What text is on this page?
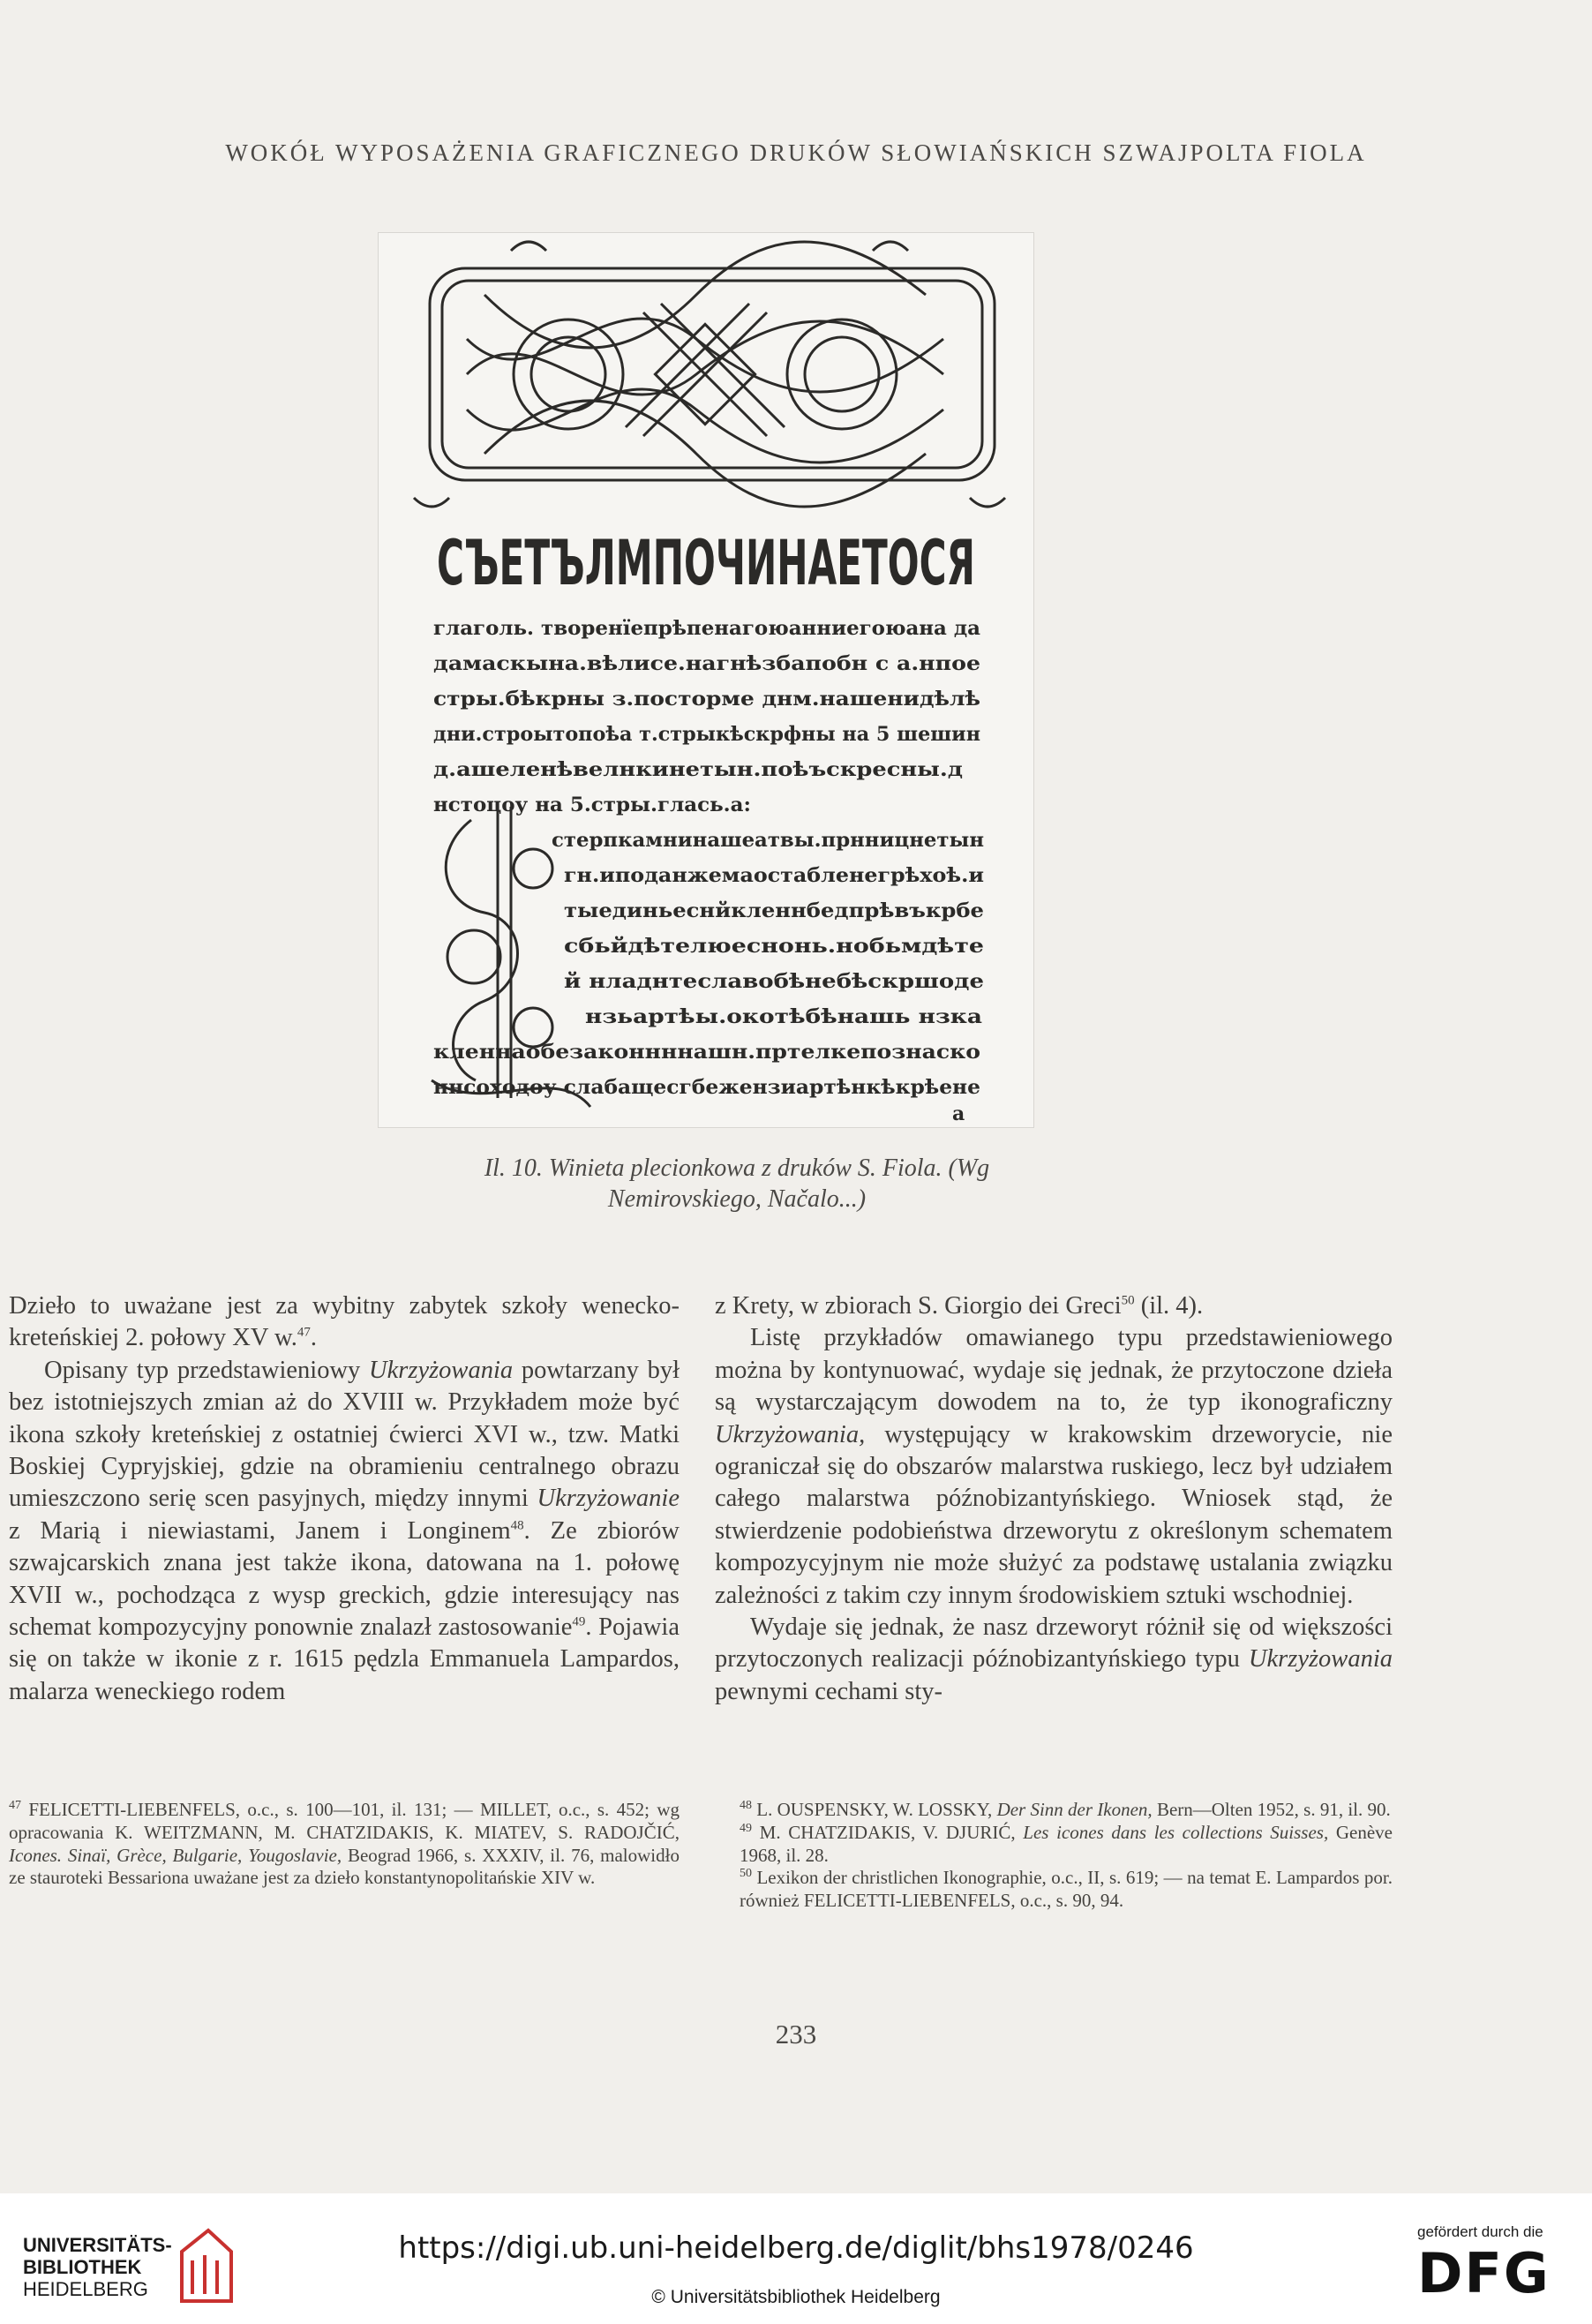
WOKÓŁ WYPOSAŻENIA GRAFICZNEGO DRUKÓW SŁOWIAŃSKICH SZWAJPOLTA FIOLA
СЪЕТЪЛМПОЧИНАЕТОСЯ
глаголь. творенїепрѣпенагоюанниегоюана да
дамаскына.вѣлисе.нагнѣзбапобн с а.нпое
стры.бѣкрны з.посторме днм.нашенидѣлѣ
дни.строытопоѣа т.стрыкѣскрфны на 5 шешин
д.ашеленѣвелнкинетын.поѣъскресны.д
нстоцоу на 5.стры.глась.а:
стерпкамнинашеатвы.прнницнетын
гн.иподанжемаостабленегрѣхоѣ.и
тыединьеснйкленнбедпрѣвъкрбе
сбьйдѣтелюеснонь.нобьмдѣте
й нладнтеславобѣнебѣскршоде
нзьартѣы.окотѣбѣнашь нзка
кленнаобезаконнннашн.пртелкепознаско
ннсоходоу слабащесгбежензиартѣнкѣкрѣене
а
Il. 10. Winieta plecionkowa z druków S. Fiola. (Wg
Nemirovskiego, Načalo...)

Dzieło to uważane jest za wybitny zabytek szkoły wenecko-kreteńskiej 2. połowy XV w.$^{47}$.

Opisany typ przedstawieniowy Ukrzyżowania powtarzany był bez istotniejszych zmian aż do XVIII w. Przykładem może być ikona szkoły kreteńskiej z ostatniej ćwierci XVI w., tzw. Matki Boskiej Cypryjskiej, gdzie na obramieniu centralnego obrazu umieszczono serię scen pasyjnych, między innymi Ukrzyżowanie z Marią i niewiastami, Janem i Longinem$^{48}$. Ze zbiorów szwajcarskich znana jest także ikona, datowana na 1. połowę XVII w., pochodząca z wysp greckich, gdzie interesujący nas schemat kompozycyjny ponownie znalazł zastosowanie$^{49}$. Pojawia się on także w ikonie z r. 1615 pędzla Emmanuela Lampardos, malarza weneckiego rodem

z Krety, w zbiorach S. Giorgio dei Greci$^{50}$ (il. 4).

Listę przykładów omawianego typu przedstawieniowego można by kontynuować, wydaje się jednak, że przytoczone dzieła są wystarczającym dowodem na to, że typ ikonograficzny Ukrzyżowania, występujący w krakowskim drzeworycie, nie ograniczał się do obszarów malarstwa ruskiego, lecz był udziałem całego malarstwa późnobizantyńskiego. Wniosek stąd, że stwierdzenie podobieństwa drzeworytu z określonym schematem kompozycyjnym nie może służyć za podstawę ustalania związku zależności z takim czy innym środowiskiem sztuki wschodniej.

Wydaje się jednak, że nasz drzeworyt różnił się od większości przytoczonych realizacji późnobizantyńskiego typu Ukrzyżowania pewnymi cechami sty-

$^{47}$ FELICETTI-LIEBENFELS, o.c., s. 100—101, il. 131; — MILLET, o.c., s. 452; wg opracowania K. WEITZMANN, M. CHATZIDAKIS, K. MIATEV, S. RADOJČIĆ, Icones. Sinaï, Grèce, Bulgarie, Yougoslavie, Beograd 1966, s. XXXIV, il. 76, malowidło ze stauroteki Bessariona uważane jest za dzieło konstantynopolitańskie XIV w.

$^{48}$ L. OUSPENSKY, W. LOSSKY, Der Sinn der Ikonen, Bern—Olten 1952, s. 91, il. 90.

$^{49}$ M. CHATZIDAKIS, V. DJURIĆ, Les icones dans les collections Suisses, Genève 1968, il. 28.

$^{50}$ Lexikon der christlichen Ikonographie, o.c., II, s. 619; — na temat E. Lampardos por. również FELICETTI-LIEBENFELS, o.c., s. 90, 94.

233
UNIVERSITÄTS-
BIBLIOTHEK
HEIDELBERG
https://digi.ub.uni-heidelberg.de/diglit/bhs1978/0246
© Universitätsbibliothek Heidelberg
gefördert durch die
DFG
